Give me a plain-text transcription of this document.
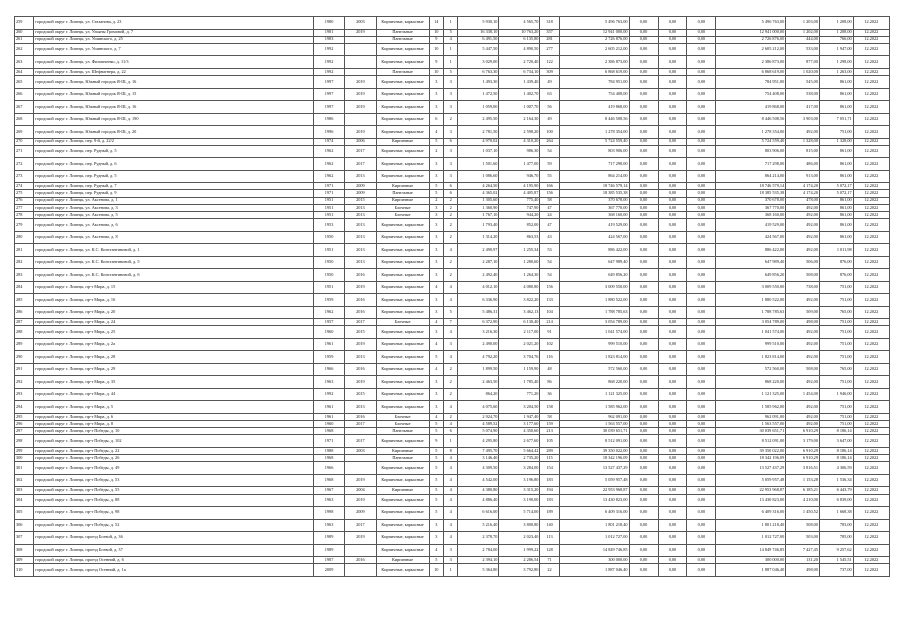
259	городской округ г. Липецк, ул. Стаханова, д. 23	1980	2003	Кирпичные, каркасные	14	1	5 930,10	4 565,70	318	5 496 763,00	0,00	0,00	0,00	5 496 763,00	1 203,00	1 208,00	12.2022
260	городской округ г. Липецк, ул. Ульяны Громовой, д. 7	1981	2019	Панельные	10	5	16 338,10	10 763,20	357	12 941 000,00	0,00	0,00	0,00	12 941 000,00	1 202,00	1 208,00	12.2022
261	городской округ г. Липецк, ул. Ушинского, д. 25	1983		Панельные	9	4	6 491,50	6 135,80	281	2 726 876,00	0,00	0,00	0,00	2 726 876,00	444,00	766,00	12.2022
262	городской округ г. Липецк, ул. Ушинского, д. 7	1992		Кирпичные, каркасные	10	1	5 447,50	4 890,50	277	2 605 212,00	0,00	0,00	0,00	2 605 212,00	533,00	1 947,00	12.2022
263	городской округ г. Липецк, ул. Филипченко, д. 11/3	1992		Кирпичные, каркасные	9	1	3 029,00	2 720,40	122	2 386 873,00	0,00	0,00	0,00	2 386 873,00	877,00	1 298,00	12.2022
264	городской округ г. Липецк, ул. Шефнагнера, д. 22	1992		Панельные	10	5	6 763,30	6 734,10	309	6 868 619,00	0,00	0,00	0,00	6 868 619,00	1 020,00	1 263,00	12.2022
265	городской округ г. Липецк, Южный городок Я-Ш, д. 16	1997	2019	Кирпичные, каркасные	3	3	1 493,30	1 439,40	49	784 951,00	0,00	0,00	0,00	784 951,00	545,00	861,00	12.2022
266	городской округ г. Липецк, Южный городок Я-Ш, д. 15	1997	2019	Кирпичные, каркасные	3	3	1 472,50	1 402,70	63	754 408,00	0,00	0,00	0,00	754 408,00	538,00	861,00	12.2022
267	городской округ г. Липецк, Южный городок Я-Ш, д. 16	1997	2019	Кирпичные, каркасные	3	3	1 059,00	1 007,70	56	419 868,00	0,00	0,00	0,00	419 868,00	417,00	861,00	12.2022
268	городской округ г. Липецк, Южный городок Я-Ш, д. 190	1986		Кирпичные, каркасные	6	2	2 495,50	2 164,30	49	8 446 508,56	0,00	0,00	0,00	8 446 508,56	3 903,00	7 051,71	12.2022
269	городской округ г. Липецк, Южный городок Я-Ш, д. 20	1996	2019	Кирпичные, каркасные	4	3	2 781,50	2 598,20	100	1 278 354,00	0,00	0,00	0,00	1 278 354,00	492,00	751,00	12.2022
270	городской округ г. Липецк, пер. 9-й, д. 22/2	1974	2006	Кирпичные	5	6	4 970,02	4 310,20	264	5 724 559,40	0,00	0,00	0,00	5 724 559,40	1 328,00	1 328,00	12.2022
271	городской округ г. Липецк, пер. Рудный, д. 5	1962	2017	Кирпичные, каркасные	2	3	1 037,10	986,30	54	803 906,00	0,00	0,00	0,00	803 906,00	815,00	861,00	12.2022
272	городской округ г. Липецк, пер. Рудный, д. 6	1962	2017	Кирпичные, каркасные	3	3	1 501,60	1 477,00	59	717 298,00	0,00	0,00	0,00	717 298,00	486,00	861,00	12.2022
273	городской округ г. Липецк, пер. Рудный, д. 5	1962	2013	Кирпичные, каркасные	3	3	1 086,60	946,70	55	864 214,00	0,00	0,00	0,00	864 214,00	913,00	861,00	12.2022
274	городской округ г. Липецк, пер. Рудный, д. 7	1971	2009	Кирпичные	5	6	4 264,50	4 195,90	166	18 746 579,14	0,00	0,00	0,00	18 746 579,14	4 174,20	5 072,17	12.2022
275	городской округ г. Липецк, пер. Рудный, д. 9	1971	2009	Панельные	5	6	4 365,02	4 405,87	156	18 385 535,38	0,00	0,00	0,00	18 385 535,38	4 174,20	5 072,17	12.2022
276	городской округ г. Липецк, ул. Аксенова, д. 1	1951	2015	Кирпичные	2	2	1 305,60	775,40	58	370 678,00	0,00	0,00	0,00	370 678,00	478,00	861,00	12.2022
277	городской округ г. Липецк, ул. Аксенова, д. 3	1951	2013	Блочные	3	2	1 360,90	747,90	47	367 770,00	0,00	0,00	0,00	367 770,00	492,00	861,00	12.2022
278	городской округ г. Липецк, ул. Аксенова, д. 5	1951	2013	Блочные	3	2	1 767,10	944,20	24	368 160,00	0,00	0,00	0,00	368 160,00	492,00	861,00	12.2022
279	городской округ г. Липецк, ул. Аксенова, д. 6	1953	2013	Кирпичные, каркасные	3	2	1 793,40	852,00	47	419 529,00	0,00	0,00	0,00	419 529,00	492,00	861,00	12.2022
280	городской округ г. Липецк, ул. Аксенова, д. 8	1950	2013	Кирпичные, каркасные	3	2	1 314,20	863,53	43	424 567,00	0,00	0,00	0,00	424 567,00	492,00	861,00	12.2022
281	городской округ г. Липецк, ул. К.С. Константиновой, д. 1	1951	2013	Кирпичные, каркасные	3	4	2 490,97	1 255,34	53	886 422,00	0,00	0,00	0,00	886 422,00	492,00	1 011,98	12.2022
282	городской округ г. Липецк, ул. К.С. Константиновой, д. 5	1950	2013	Кирпичные, каркасные	3	2	2 287,10	1 280,60	54	647 989,40	0,00	0,00	0,00	647 989,40	506,00	876,00	12.2022
283	городской округ г. Липецк, ул. К.С. Константиновой, д. 6	1950	2016	Кирпичные, каркасные	3	2	2 492,40	1 264,30	54	649 856,20	0,00	0,00	0,00	649 856,20	508,00	876,00	12.2022
284	городской округ г. Липецк, пр-т Мира, д. 15	1951	2019	Кирпичные, каркасные	4	4	4 012,10	4 080,80	156	3 009 550,00	0,00	0,00	0,00	3 009 550,00	738,00	751,00	12.2022
285	городской округ г. Липецк, пр-т Мира, д. 16	1959	2016	Кирпичные, каркасные	3	4	6 336,90	3 822,20	133	1 880 522,00	0,00	0,00	0,00	1 880 522,00	492,00	751,00	12.2022
286	городской округ г. Липецк, пр-т Мира, д. 20	1962	2016	Кирпичные, каркасные	3	5	5 486,31	3 462,13	104	1 788 785,63	0,00	0,00	0,00	1 788 785,63	509,00	765,00	12.2022
287	городской округ г. Липецк, пр-т Мира, д. 24	1957	2017	Блочные	4	7	6 372,90	6 130,40	214	3 054 789,00	0,00	0,00	0,00	3 054 789,00	498,00	751,00	12.2022
288	городской округ г. Липецк, пр-т Мира, д. 25	1960	2015	Кирпичные, каркасные	3	4	3 216,30	2 117,00	91	1 041 574,00	0,00	0,00	0,00	1 041 574,00	492,00	751,00	12.2022
289	городской округ г. Липецк, пр-т Мира, д. 2а	1961	2019	Кирпичные, каркасные	4	3	2 490,00	2 021,20	102	999 510,00	0,00	0,00	0,00	999 510,00	492,00	751,00	12.2022
290	городской округ г. Липецк, пр-т Мира, д. 28	1959	2013	Кирпичные, каркасные	5	4	4 792,20	3 704,76	116	1 823 814,00	0,00	0,00	0,00	1 823 814,00	492,00	751,00	12.2022
291	городской округ г. Липецк, пр-т Мира, д. 29	1966	2016	Кирпичные, каркасные	4	2	1 899,50	1 159,90	48	572 560,00	0,00	0,00	0,00	572 560,00	508,00	765,00	12.2022
292	городской округ г. Липецк, пр-т Мира, д. 35	1963	2019	Кирпичные, каркасные	3	2	2 463,50	1 785,40	86	868 220,00	0,00	0,00	0,00	868 220,00	492,00	751,00	12.2022
293	городской округ г. Липецк, пр-т Мира, д. 44	1992	2015	Кирпичные, каркасные	3	2	864,20	771,20	36	1 121 325,00	0,00	0,00	0,00	1 121 325,00	1 454,00	1 946,00	12.2022
294	городской округ г. Липецк, пр-т Мира, д. 5	1961	2013	Кирпичные, каркасные	3	4	4 075,60	3 204,50	158	1 585 962,00	0,00	0,00	0,00	1 585 962,00	492,00	751,00	12.2022
295	городской округ г. Липецк, пр-т Мира, д. 6	1961	2016	Блочные	4	2	2 924,70	1 947,40	58	962 091,00	0,00	0,00	0,00	962 091,00	492,00	751,00	12.2022
296	городской округ г. Липецк, пр-т Мира, д. 8	1960	2017	Блочные	5	4	4 589,52	3 177,60	159	1 563 557,00	0,00	0,00	0,00	1 563 557,00	492,00	751,00	12.2022
297	городской округ г. Липецк, пр-т Победы, д. 10	1968		Панельные	5	6	5 074,90	4 350,60	213	30 039 651,71	0,00	0,00	0,00	30 039 651,71	6 910,29	8 186,14	12.2022
298	городской округ г. Липецк, пр-т Победы, д. 102	1971	2017	Кирпичные, каркасные	9	1	4 295,80	2 677,60	105	8 512 091,00	0,00	0,00	0,00	8 512 091,00	3 179,00	3 647,00	12.2022
299	городской округ г. Липецк, пр-т Победы, д. 22	1988	2003	Кирпичные	5	8	7 495,70	5 664,42	289	39 350 022,00	0,00	0,00	0,00	39 350 022,00	6 910,29	8 186,14	12.2022
300	городской округ г. Липецк, пр-т Победы, д. 26	1968		Панельные	5	4	3 146,40	2 735,20	115	18 342 196,09	0,00	0,00	0,00	18 342 196,09	6 910,29	8 186,14	12.2022
301	городской округ г. Липецк, пр-т Победы, д. 49	1966		Кирпичные, каркасные	5	4	4 309,50	3 284,00	154	13 527 437,29	0,00	0,00	0,00	13 527 437,29	3 816,51	4 306,59	12.2022
302	городской округ г. Липецк, пр-т Победы, д. 53	1968	2019	Кирпичные, каркасные	5	4	4 542,00	3 196,80	183	5 059 957,48	0,00	0,00	0,00	5 059 957,48	1 153,28	1 536,34	12.2022
303	городской округ г. Липецк, пр-т Победы, д. 55	1967	2004	Кирпичные	5	4	4 380,80	3 315,20	194	22 953 968,87	0,00	0,00	0,00	22 953 968,87	6 185,21	6 443,79	12.2022
304	городской округ г. Липецк, пр-т Победы, д. 88	1963	2019	Кирпичные, каркасные	5	4	4 886,40	3 190,00	183	13 430 823,00	0,00	0,00	0,00	13 430 823,00	4 210,00	6 839,00	12.2022
305	городской округ г. Липецк, пр-т Победы, д. 98	1998	2009	Кирпичные, каркасные	5	4	6 616,00	5 714,00	189	6 409 316,00	0,00	0,00	0,00	6 409 316,00	1 450,52	1 668,38	12.2022
306	городской округ г. Липецк, пр-т Победы, д. 52	1963	2017	Кирпичные, каркасные	3	4	5 216,40	3 800,80	140	1 801 218,40	0,00	0,00	0,00	1 801 218,40	508,00	783,00	12.2022
307	городской округ г. Липецк, проезд Боевой, д. 36	1989	2019	Кирпичные, каркасные	3	4	2 378,70	2 023,40	113	1 012 727,00	0,00	0,00	0,00	1 012 727,00	503,00	785,00	12.2022
308	городской округ г. Липецк, проезд Боевой, д. 37	1989		Кирпичные, каркасные	4	3	2 784,00	1 999,22	128	14 849 746,85	0,00	0,00	0,00	14 849 746,85	7 427,45	9 257,62	12.2022
309	городской округ г. Липецк, проезд Осенний, д. 6	1987	2016	Кирпичные	5	3	2 394,10	2 286,54	71	300 000,00	0,00	0,00	0,00	300 000,00	131,20	1 545,51	12.2022
310	городской округ г. Липецк, проезд Осенний, д. 1а	2009		Кирпичные, каркасные	10	1	5 364,80	3 792,80	22	1 887 046,40	0,00	0,00	0,00	1 887 046,40	498,00	737,00	12.2022
